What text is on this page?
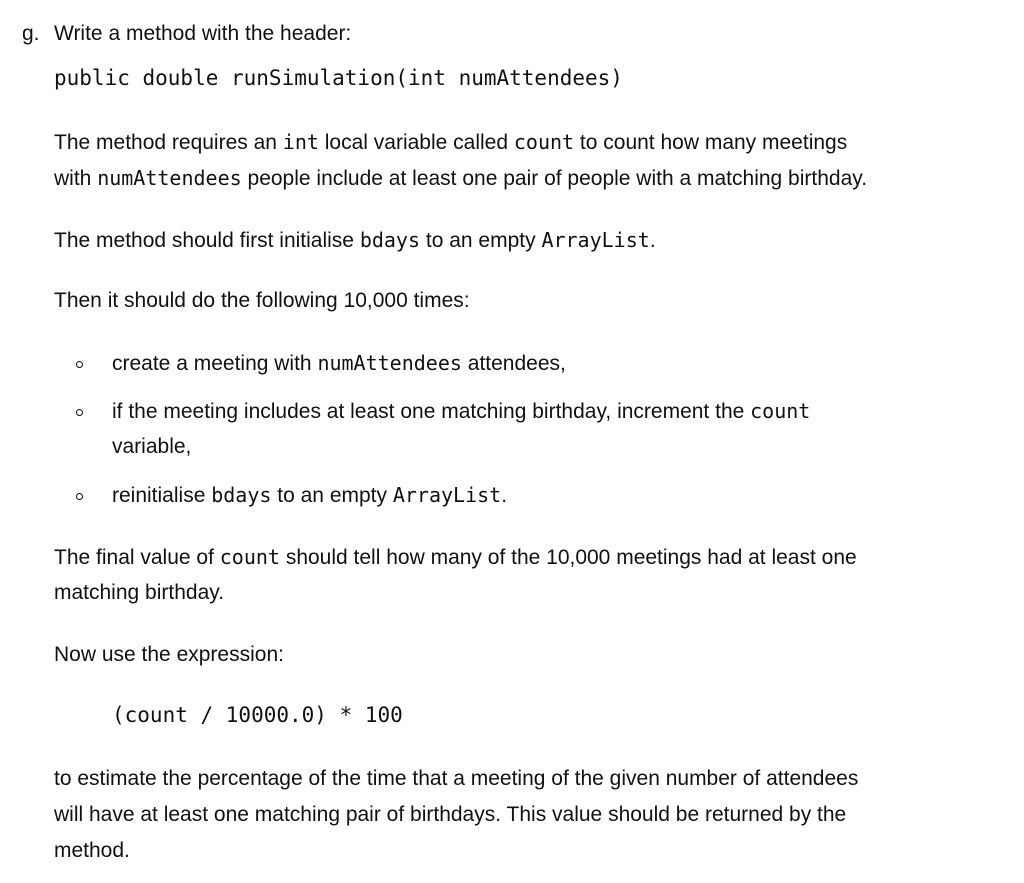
g. Write a method with the header:
public double runSimulation(int numAttendees)
The method requires an int local variable called count to count how many meetings
with numAttendees people include at least one pair of people with a matching birthday.
The method should first initialise bdays to an empty ArrayList.
Then it should do the following 10,000 times:
create a meeting with numAttendees attendees,
if the meeting includes at least one matching birthday, increment the count
variable,
reinitialise bdays to an empty ArrayList.
The final value of count should tell how many of the 10,000 meetings had at least one
matching birthday.
Now use the expression:
(count / 10000.0) * 100
to estimate the percentage of the time that a meeting of the given number of attendees
will have at least one matching pair of birthdays. This value should be returned by the
method.
